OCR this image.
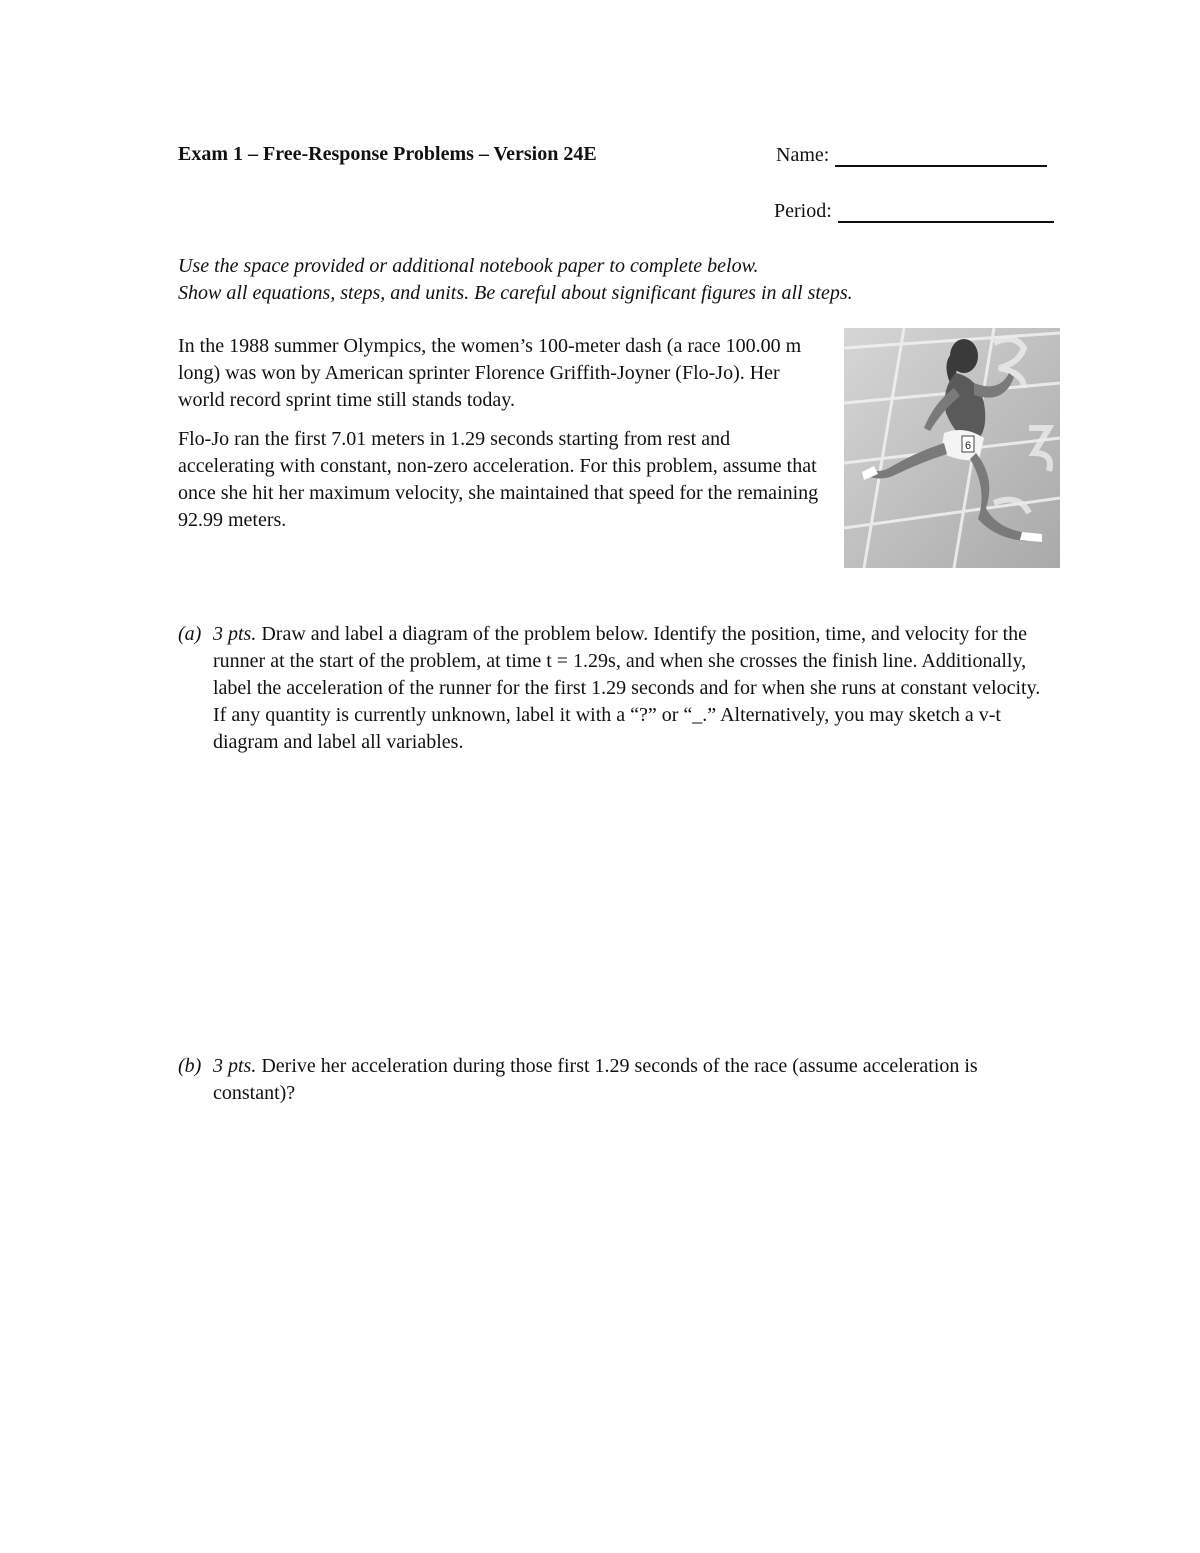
Exam 1 – Free-Response Problems – Version 24E	Name:
Period:
Use the space provided or additional notebook paper to complete below.
Show all equations, steps, and units. Be careful about significant figures in all steps.

In the 1988 summer Olympics, the women’s 100-meter dash (a race 100.00 m long) was won by American sprinter Florence Griffith-Joyner (Flo-Jo). Her world record sprint time still stands today.

Flo-Jo ran the first 7.01 meters in 1.29 seconds starting from rest and accelerating with constant, non-zero acceleration. For this problem, assume that once she hit her maximum velocity, she maintained that speed for the remaining 92.99 meters.

6
(a) 3 pts. Draw and label a diagram of the problem below. Identify the position, time, and velocity for the runner at the start of the problem, at time t = 1.29s, and when she crosses the finish line. Additionally, label the acceleration of the runner for the first 1.29 seconds and for when she runs at constant velocity. If any quantity is currently unknown, label it with a “?” or “_.” Alternatively, you may sketch a v-t diagram and label all variables.
(b) 3 pts. Derive her acceleration during those first 1.29 seconds of the race (assume acceleration is constant)?
